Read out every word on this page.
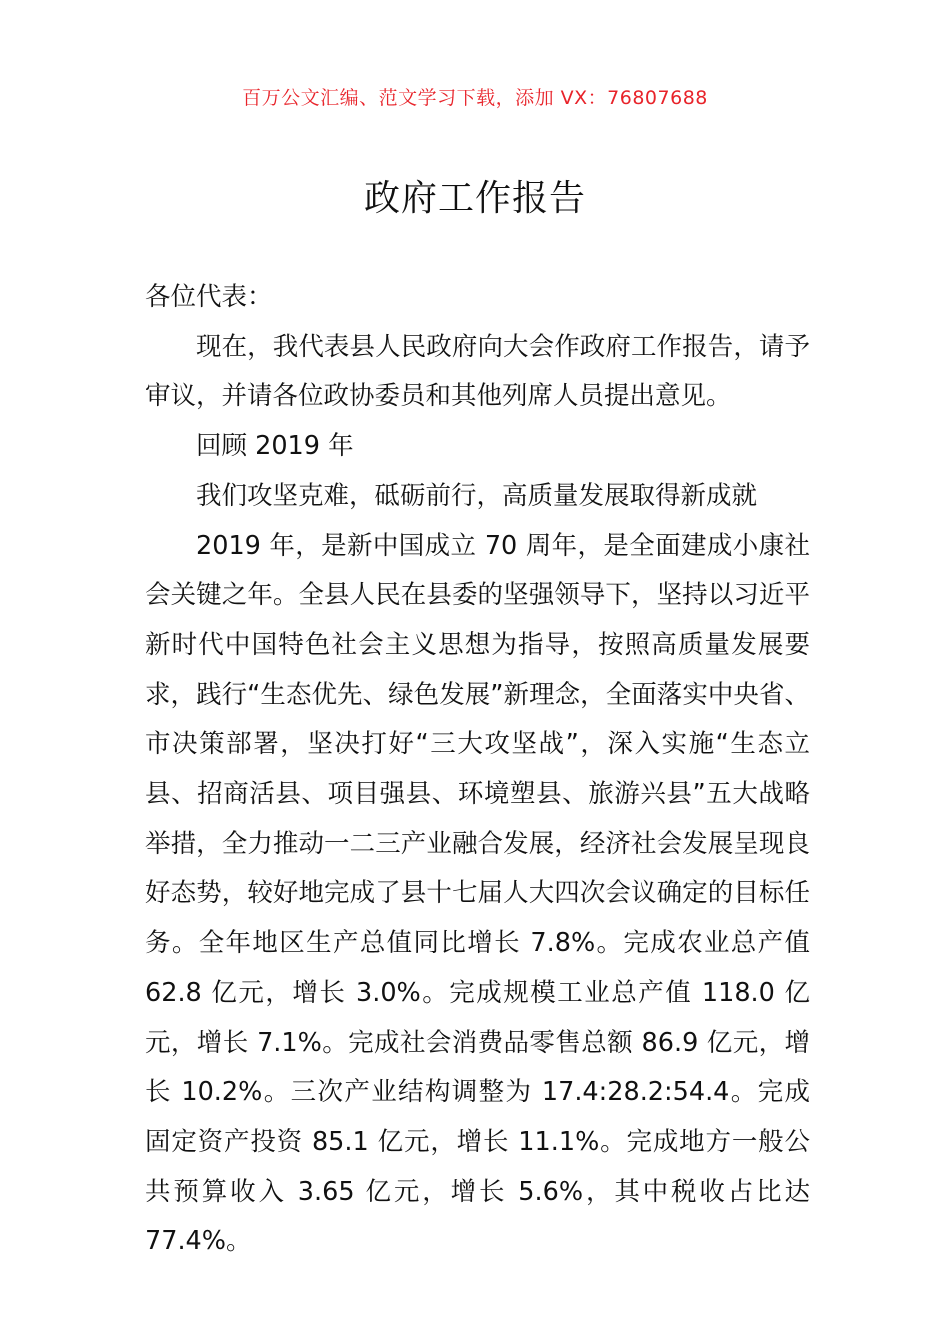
百万公文汇编、范文学习下载，添加 VX：76807688
政府工作报告

各位代表：

现在，我代表县人民政府向大会作政府工作报告，请予审议，并请各位政协委员和其他列席人员提出意见。

回顾 2019 年

我们攻坚克难，砥砺前行，高质量发展取得新成就

2019 年，是新中国成立 70 周年，是全面建成小康社会关键之年。全县人民在县委的坚强领导下，坚持以习近平新时代中国特色社会主义思想为指导，按照高质量发展要求，践行“生态优先、绿色发展”新理念，全面落实中央省、市决策部署，坚决打好“三大攻坚战”，深入实施“生态立县、招商活县、项目强县、环境塑县、旅游兴县”五大战略举措，全力推动一二三产业融合发展，经济社会发展呈现良好态势，较好地完成了县十七届人大四次会议确定的目标任务。全年地区生产总值同比增长 7.8%。完成农业总产值 62.8 亿元，增长 3.0%。完成规模工业总产值 118.0 亿元，增长 7.1%。完成社会消费品零售总额 86.9 亿元，增长 10.2%。三次产业结构调整为 17.4:28.2:54.4。完成固定资产投资 85.1 亿元，增长 11.1%。完成地方一般公共预算收入 3.65 亿元，增长 5.6%，其中税收占比达 77.4%。
